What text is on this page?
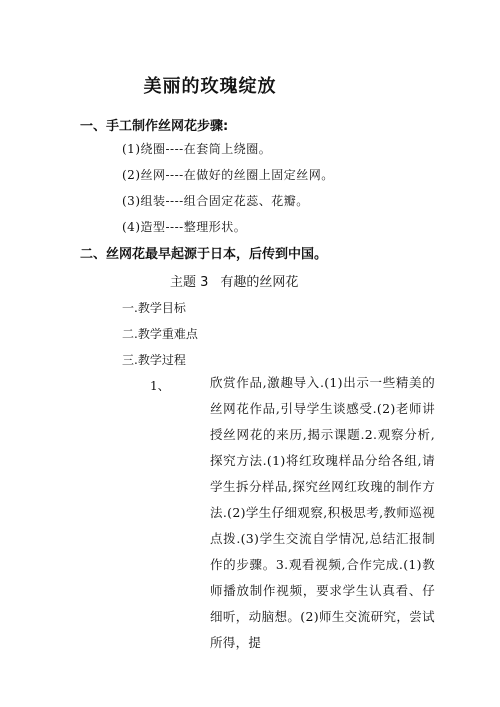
美丽的玫瑰绽放
一、手工制作丝网花步骤:
(1)绕圈----在套筒上绕圈。
(2)丝网----在做好的丝圈上固定丝网。
(3)组装----组合固定花蕊、花瓣。
(4)造型----整理形状。
二、丝网花最早起源于日本，后传到中国。
主题 3 有趣的丝网花
一.教学目标
二.教学重难点
三.教学过程
1、	欣赏作品,激趣导入.(1)出示一些精美的丝网花作品,引导学生谈感受.(2)老师讲授丝网花的来历,揭示课题.2.观察分析,探究方法.(1)将红玫瑰样品分给各组,请学生拆分样品,探究丝网红玫瑰的制作方法.(2)学生仔细观察,积极思考,教师巡视点拨.(3)学生交流自学情况,总结汇报制作的步骤。3.观看视频,合作完成.(1)教师播放制作视频，要求学生认真看、仔细听，动脑想。(2)师生交流研究，尝试所得，提
